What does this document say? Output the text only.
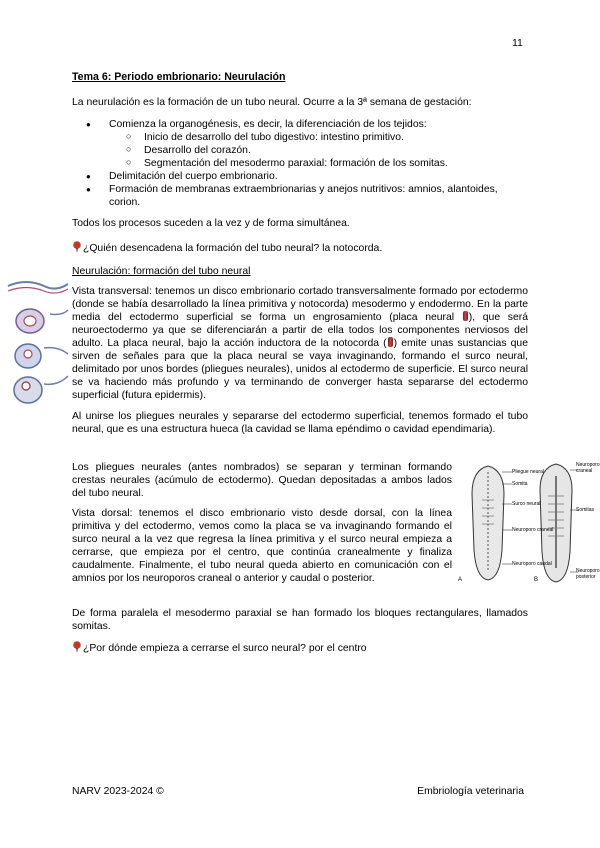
11
Tema 6: Periodo embrionario: Neurulación
La neurulación es la formación de un tubo neural. Ocurre a la 3ª semana de gestación:
● Comienza la organogénesis, es decir, la diferenciación de los tejidos:
○ Inicio de desarrollo del tubo digestivo: intestino primitivo.
○ Desarrollo del corazón.
○ Segmentación del mesodermo paraxial: formación de los somitas.
● Delimitación del cuerpo embrionario.
● Formación de membranas extraembrionarias y anejos nutritivos: amnios, alantoides, corion.
Todos los procesos suceden a la vez y de forma simultánea.
¿Quién desencadena la formación del tubo neural? la notocorda.
Neurulación: formación del tubo neural
Vista transversal: tenemos un disco embrionario cortado transversalmente formado por ectodermo (donde se había desarrollado la línea primitiva y notocorda) mesodermo y endodermo. En la parte media del ectodermo superficial se forma un engrosamiento (placa neural ), que será neuroectodermo ya que se diferenciarán a partir de ella todos los componentes nerviosos del adulto. La placa neural, bajo la acción inductora de la notocorda ( ) emite unas sustancias que sirven de señales para que la placa neural se vaya invaginando, formando el surco neural, delimitado por unos bordes (pliegues neurales), unidos al ectodermo de superficie. El surco neural se va haciendo más profundo y va terminando de converger hasta separarse del ectodermo superficial (futura epidermis).
Al unirse los pliegues neurales y separarse del ectodermo superficial, tenemos formado el tubo neural, que es una estructura hueca (la cavidad se llama epéndimo o cavidad ependimaria).
Los pliegues neurales (antes nombrados) se separan y terminan formando crestas neurales (acúmulo de ectodermo). Quedan depositadas a ambos lados del tubo neural.
Vista dorsal: tenemos el disco embrionario visto desde dorsal, con la línea primitiva y del ectodermo, vemos como la placa se va invaginando formando el surco neural a la vez que regresa la línea primitiva y el surco neural empieza a cerrarse, que empieza por el centro, que continúa cranealmente y finaliza caudalmente. Finalmente, el tubo neural queda abierto en comunicación con el amnios por los neuroporos craneal o anterior y caudal o posterior.
De forma paralela el mesodermo paraxial se han formado los bloques rectangulares, llamados somitas.
¿Por dónde empieza a cerrarse el surco neural? por el centro
Pliegue neural
Somita
Surco neural
Neuroporo craneal
Neuroporo caudal
Neuroporo craneal
Somitas
Neuroporo posterior
A	B
NARV 2023-2024 ©	Embriología veterinaria
